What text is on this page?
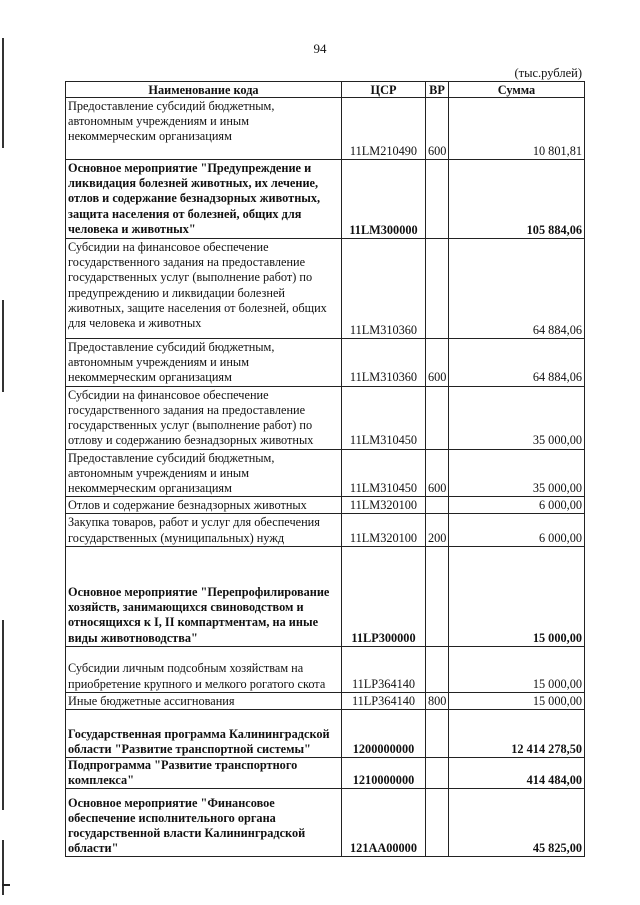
94
(тыс.рублей)
Наименование кода	ЦСР	ВР	Сумма
Предоставление субсидий бюджетным, автономным учреждениям и иным некоммерческим организациям	11LM210490	600	10 801,81
Основное мероприятие "Предупреждение и ликвидация болезней животных, их лечение, отлов и содержание безнадзорных животных, защита населения от болезней, общих для человека и животных"	11LM300000		105 884,06
Субсидии на финансовое обеспечение государственного задания на предоставление государственных услуг (выполнение работ) по предупреждению и ликвидации болезней животных, защите населения от болезней, общих для человека и животных	11LM310360		64 884,06
Предоставление субсидий бюджетным, автономным учреждениям и иным некоммерческим организациям	11LM310360	600	64 884,06
Субсидии на финансовое обеспечение государственного задания на предоставление государственных услуг (выполнение работ) по отлову и содержанию безнадзорных животных	11LM310450		35 000,00
Предоставление субсидий бюджетным, автономным учреждениям и иным некоммерческим организациям	11LM310450	600	35 000,00
Отлов и содержание безнадзорных животных	11LM320100		6 000,00
Закупка товаров, работ и услуг для обеспечения государственных (муниципальных) нужд	11LM320100	200	6 000,00
Основное мероприятие "Перепрофилирование хозяйств, занимающихся свиноводством и относящихся к I, II компартментам, на иные виды животноводства"	11LP300000		15 000,00
Субсидии личным подсобным хозяйствам на приобретение крупного и мелкого рогатого скота	11LP364140		15 000,00
Иные бюджетные ассигнования	11LP364140	800	15 000,00
Государственная программа Калининградской области "Развитие транспортной системы"	1200000000		12 414 278,50
Подпрограмма "Развитие транспортного комплекса"	1210000000		414 484,00
Основное мероприятие "Финансовое обеспечение исполнительного органа государственной власти Калининградской области"	121AA00000		45 825,00
